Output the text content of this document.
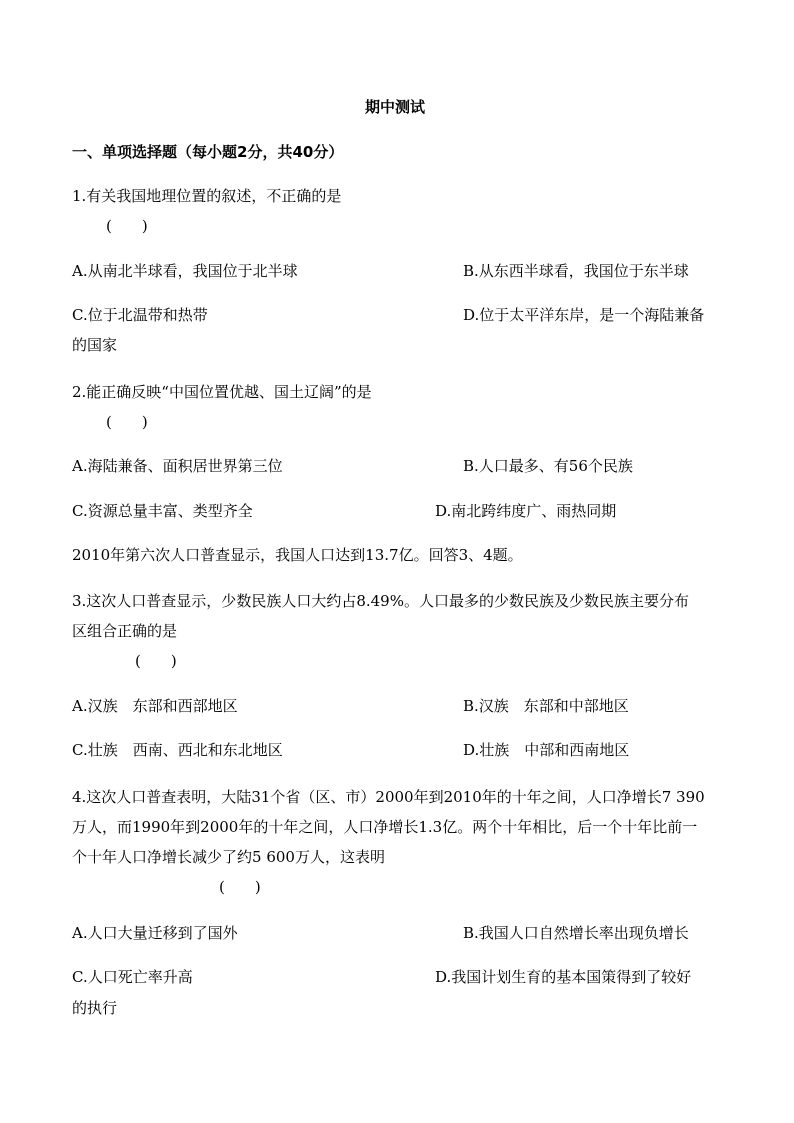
期中测试
一、单项选择题（每小题2分，共40分）
1.有关我国地理位置的叙述，不正确的是
(　　)
A.从南北半球看，我国位于北半球	B.从东西半球看，我国位于东半球
C.位于北温带和热带	D.位于太平洋东岸，是一个海陆兼备
的国家
2.能正确反映“中国位置优越、国土辽阔”的是
(　　)
A.海陆兼备、面积居世界第三位	B.人口最多、有56个民族
C.资源总量丰富、类型齐全	D.南北跨纬度广、雨热同期
2010年第六次人口普查显示，我国人口达到13.7亿。回答3、4题。
3.这次人口普查显示，少数民族人口大约占8.49%。人口最多的少数民族及少数民族主要分布
区组合正确的是
(　　)
A.汉族　东部和西部地区	B.汉族　东部和中部地区
C.壮族　西南、西北和东北地区	D.壮族　中部和西南地区
4.这次人口普查表明，大陆31个省（区、市）2000年到2010年的十年之间，人口净增长7 390
万人，而1990年到2000年的十年之间，人口净增长1.3亿。两个十年相比，后一个十年比前一
个十年人口净增长减少了约5 600万人，这表明
(　　)
A.人口大量迁移到了国外	B.我国人口自然增长率出现负增长
C.人口死亡率升高	D.我国计划生育的基本国策得到了较好
的执行
